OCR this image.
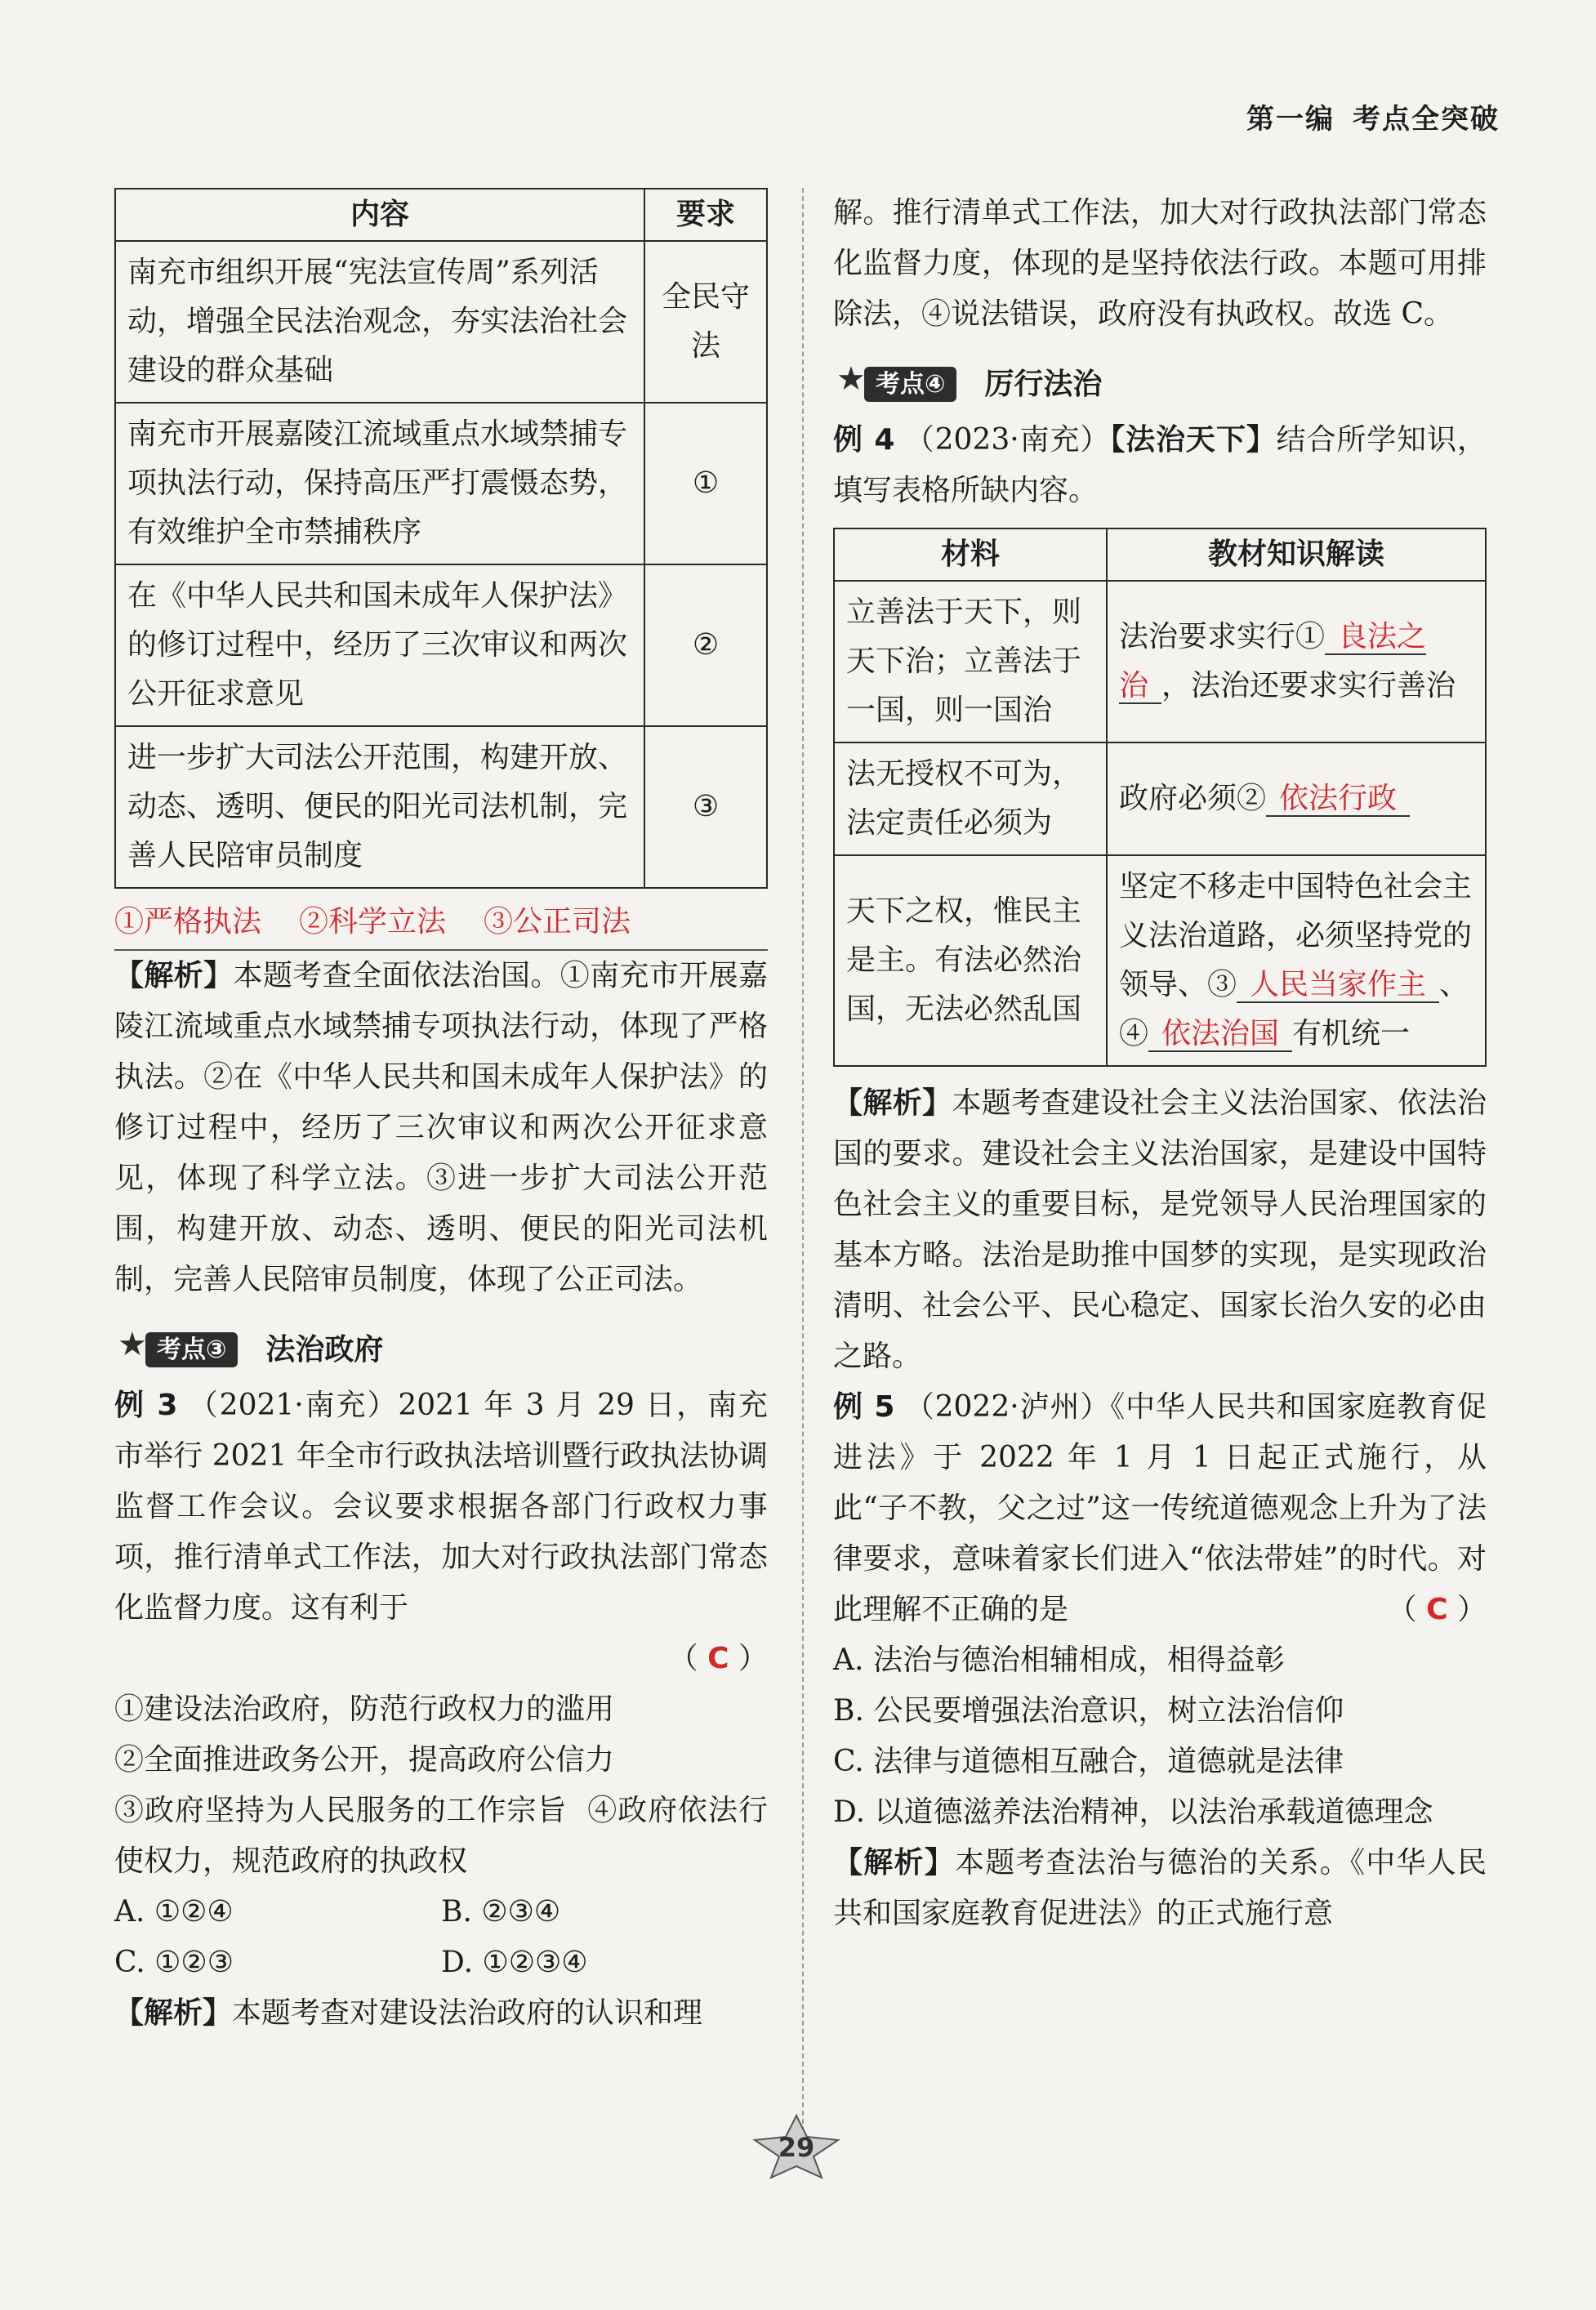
第一编 考点全突破
内容	要求
南充市组织开展“宪法宣传周”系列活动，增强全民法治观念，夯实法治社会建设的群众基础	全民守法
南充市开展嘉陵江流域重点水域禁捕专项执法行动，保持高压严打震慑态势，有效维护全市禁捕秩序	①
在《中华人民共和国未成年人保护法》的修订过程中，经历了三次审议和两次公开征求意见	②
进一步扩大司法公开范围，构建开放、动态、透明、便民的阳光司法机制，完善人民陪审员制度	③
①严格执法 ②科学立法 ③公正司法

【解析】本题考查全面依法治国。①南充市开展嘉陵江流域重点水域禁捕专项执法行动，体现了严格执法。②在《中华人民共和国未成年人保护法》的修订过程中，经历了三次审议和两次公开征求意见，体现了科学立法。③进一步扩大司法公开范围，构建开放、动态、透明、便民的阳光司法机制，完善人民陪审员制度，体现了公正司法。

★ 考点③	法治政府

例 3 （2021·南充）2021 年 3 月 29 日，南充市举行 2021 年全市行政执法培训暨行政执法协调监督工作会议。会议要求根据各部门行政权力事项，推行清单式工作法，加大对行政执法部门常态化监督力度。这有利于

（ C ）

①建设法治政府，防范行政权力的滥用

②全面推进政务公开，提高政府公信力

③政府坚持为人民服务的工作宗旨 ④政府依法行使权力，规范政府的执政权

A. ①②④	B. ②③④
C. ①②③	D. ①②③④

【解析】本题考查对建设法治政府的认识和理

解。推行清单式工作法，加大对行政执法部门常态化监督力度，体现的是坚持依法行政。本题可用排除法，④说法错误，政府没有执政权。故选 C。

★ 考点④	厉行法治

例 4 （2023·南充）【法治天下】结合所学知识，填写表格所缺内容。

材料	教材知识解读
立善法于天下，则天下治；立善法于一国，则一国治	法治要求实行① 良法之治 ，法治还要求实行善治
法无授权不可为，法定责任必须为	政府必须② 依法行政
天下之权，惟民主是主。有法必然治国，无法必然乱国	坚定不移走中国特色社会主义法治道路，必须坚持党的领导、③ 人民当家作主 、④ 依法治国 有机统一

【解析】本题考查建设社会主义法治国家、依法治国的要求。建设社会主义法治国家，是建设中国特色社会主义的重要目标，是党领导人民治理国家的基本方略。法治是助推中国梦的实现，是实现政治清明、社会公平、民心稳定、国家长治久安的必由之路。

例 5 （2022·泸州）《中华人民共和国家庭教育促进法》于 2022 年 1 月 1 日起正式施行，从此“子不教，父之过”这一传统道德观念上升为了法律要求，意味着家长们进入“依法带娃”的时代。对此理解不正确的是	（ C ）

A. 法治与德治相辅相成，相得益彰

B. 公民要增强法治意识，树立法治信仰

C. 法律与道德相互融合，道德就是法律

D. 以道德滋养法治精神，以法治承载道德理念

【解析】本题考查法治与德治的关系。《中华人民共和国家庭教育促进法》的正式施行意

29
